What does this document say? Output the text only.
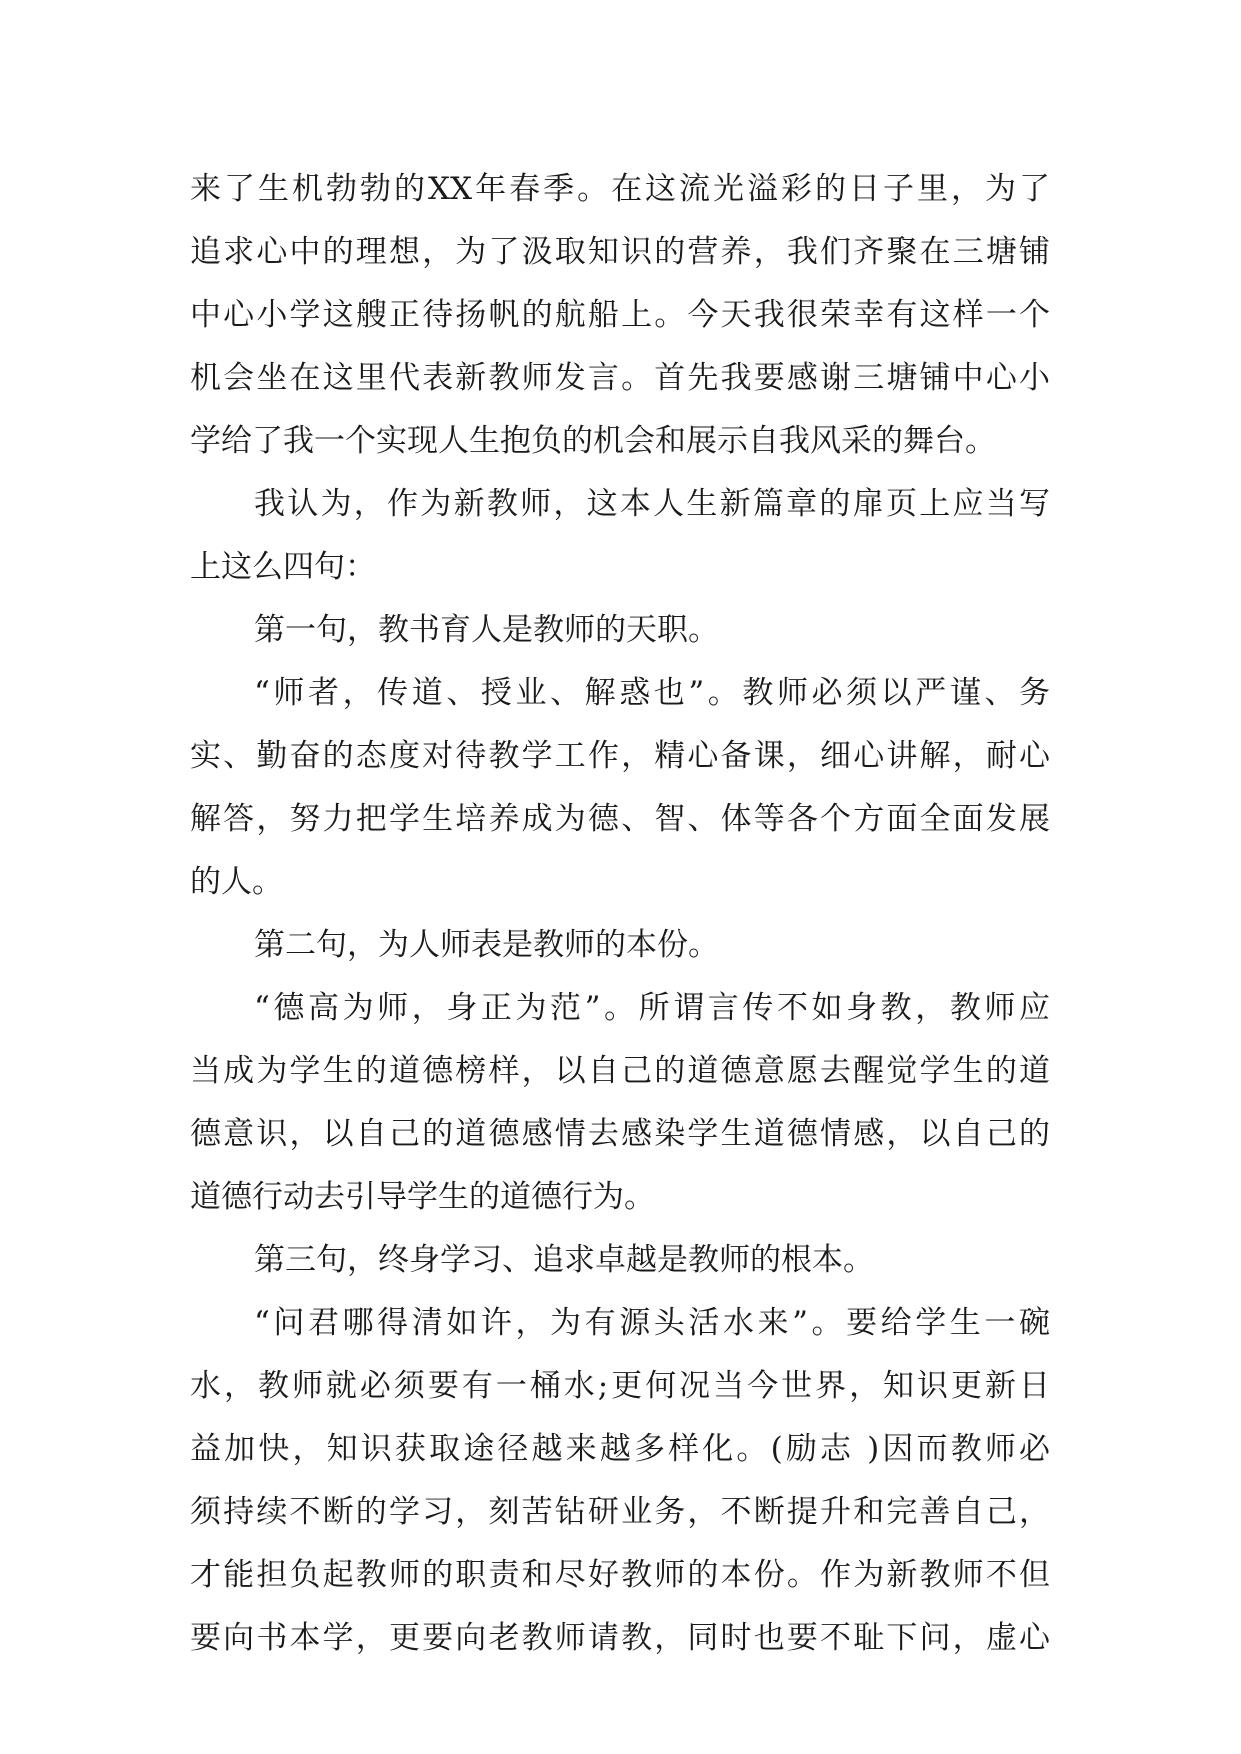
来了生机勃勃的XX年春季。在这流光溢彩的日子里，为了
追求心中的理想，为了汲取知识的营养，我们齐聚在三塘铺
中心小学这艘正待扬帆的航船上。今天我很荣幸有这样一个
机会坐在这里代表新教师发言。首先我要感谢三塘铺中心小
学给了我一个实现人生抱负的机会和展示自我风采的舞台。
我认为，作为新教师，这本人生新篇章的扉页上应当写
上这么四句：
第一句，教书育人是教师的天职。
“师者，传道、授业、解惑也”。教师必须以严谨、务
实、勤奋的态度对待教学工作，精心备课，细心讲解，耐心
解答，努力把学生培养成为德、智、体等各个方面全面发展
的人。
第二句，为人师表是教师的本份。
“德高为师，身正为范”。所谓言传不如身教，教师应
当成为学生的道德榜样，以自己的道德意愿去醒觉学生的道
德意识，以自己的道德感情去感染学生道德情感，以自己的
道德行动去引导学生的道德行为。
第三句，终身学习、追求卓越是教师的根本。
“问君哪得清如许，为有源头活水来”。要给学生一碗
水，教师就必须要有一桶水;更何况当今世界，知识更新日
益加快，知识获取途径越来越多样化。(励志 )因而教师必
须持续不断的学习，刻苦钻研业务，不断提升和完善自己，
才能担负起教师的职责和尽好教师的本份。作为新教师不但
要向书本学，更要向老教师请教，同时也要不耻下问，虚心
